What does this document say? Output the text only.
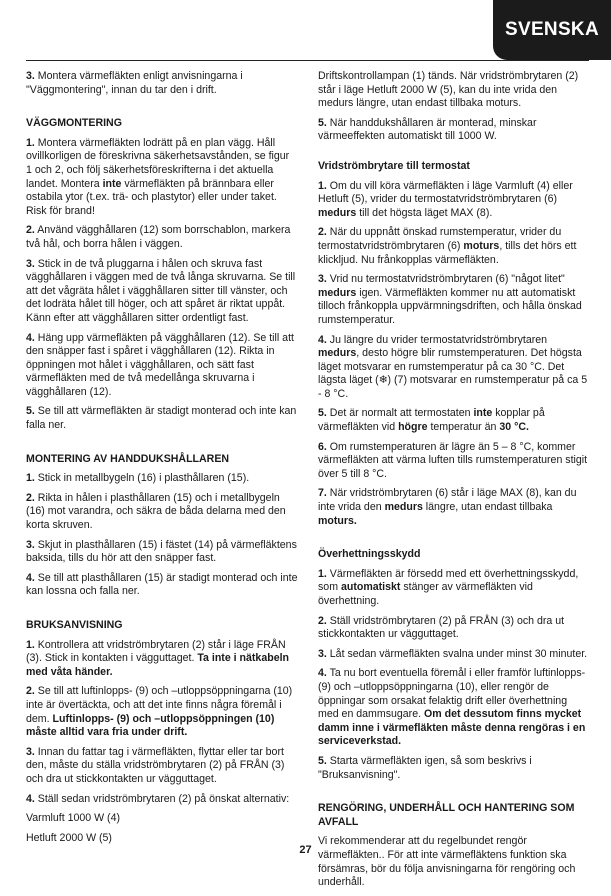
SVENSKA

3. Montera värmefläkten enligt anvisningarna i "Väggmontering", innan du tar den i drift.

VÄGGMONTERING

1. Montera värmefläkten lodrätt på en plan vägg. Håll ovillkorligen de föreskrivna säkerhetsavstånden, se figur 1 och 2, och följ säkerhetsföreskrifterna i det aktuella landet. Montera inte värmefläkten på brännbara eller ostabila ytor (t.ex. trä- och plastytor) eller under taket. Risk för brand!

2. Använd vägghållaren (12) som borrschablon, markera två hål, och borra hålen i väggen.

3. Stick in de två pluggarna i hålen och skruva fast vägghållaren i väggen med de två långa skruvarna. Se till att det vågräta hålet i vägghållaren sitter till vänster, och det lodräta hålet till höger, och att spåret är riktat uppåt. Känn efter att vägghållaren sitter ordentligt fast.

4. Häng upp värmefläkten på vägghållaren (12). Se till att den snäpper fast i spåret i vägghållaren (12). Rikta in öppningen mot hålet i vägghållaren, och sätt fast värmefläkten med de två medellånga skruvarna i vägghållaren (12).

5. Se till att värmefläkten är stadigt monterad och inte kan falla ner.

MONTERING AV HANDDUKSHÅLLAREN

1. Stick in metallbygeln (16) i plasthållaren (15).

2. Rikta in hålen i plasthållaren (15) och i metallbygeln (16) mot varandra, och säkra de båda delarna med den korta skruven.

3. Skjut in plasthållaren (15) i fästet (14) på värmefläktens baksida, tills du hör att den snäpper fast.

4. Se till att plasthållaren (15) är stadigt monterad och inte kan lossna och falla ner.

BRUKSANVISNING

1. Kontrollera att vridströmbrytaren (2) står i läge FRÅN (3). Stick in kontakten i vägguttaget. Ta inte i nätkabeln med våta händer.

2. Se till att luftinlopps- (9) och –utloppsöppningarna (10) inte är övertäckta, och att det inte finns några föremål i dem. Luftinlopps- (9) och –utloppsöppningen (10) måste alltid vara fria under drift.

3. Innan du fattar tag i värmefläkten, flyttar eller tar bort den, måste du ställa vridströmbrytaren (2) på FRÅN (3) och dra ut stickkontakten ur vägguttaget.

4. Ställ sedan vridströmbrytaren (2) på önskat alternativ:

Varmluft 1000 W (4)

Hetluft 2000 W (5)

Driftskontrollampan (1) tänds. När vridströmbrytaren (2) står i läge Hetluft 2000 W (5), kan du inte vrida den medurs längre, utan endast tillbaka moturs.

5. När handdukshållaren är monterad, minskar värmeeffekten automatiskt till 1000 W.

Vridströmbrytare till termostat

1. Om du vill köra värmefläkten i läge Varmluft (4) eller Hetluft (5), vrider du termostatvridströmbrytaren (6) medurs till det högsta läget MAX (8).

2. När du uppnått önskad rumstemperatur, vrider du termostatvridströmbrytaren (6) moturs, tills det hörs ett klickljud. Nu frånkopplas värmefläkten.

3. Vrid nu termostatvridströmbrytaren (6) "något litet" medurs igen. Värmefläkten kommer nu att automatiskt tilloch frånkoppla uppvärmningsdriften, och hålla önskad rumstemperatur.

4. Ju längre du vrider termostatvridströmbrytaren medurs, desto högre blir rumstemperaturen. Det högsta läget motsvarar en rumstemperatur på ca 30 °C. Det lägsta läget (❄) (7) motsvarar en rumstemperatur på ca 5 - 8 °C.

5. Det är normalt att termostaten inte kopplar på värmefläkten vid högre temperatur än 30 °C.

6. Om rumstemperaturen är lägre än 5 – 8 °C, kommer värmefläkten att värma luften tills rumstemperaturen stigit över 5 till 8 °C.

7. När vridströmbrytaren (6) står i läge MAX (8), kan du inte vrida den medurs längre, utan endast tillbaka moturs.

Överhettningsskydd

1. Värmefläkten är försedd med ett överhettningsskydd, som automatiskt stänger av värmefläkten vid överhettning.

2. Ställ vridströmbrytaren (2) på FRÅN (3) och dra ut stickkontakten ur vägguttaget.

3. Låt sedan värmefläkten svalna under minst 30 minuter.

4. Ta nu bort eventuella föremål i eller framför luftinlopps- (9) och –utloppsöppningarna (10), eller rengör de öppningar som orsakat felaktig drift eller överhettning med en dammsugare. Om det dessutom finns mycket damm inne i värmefläkten måste denna rengöras i en serviceverkstad.

5. Starta värmefläkten igen, så som beskrivs i "Bruksanvisning".

RENGÖRING, UNDERHÅLL OCH HANTERING SOM AVFALL

Vi rekommenderar att du regelbundet rengör värmefläkten.. För att inte värmefläktens funktion ska försämras, bör du följa anvisningarna för rengöring och underhåll.

27
